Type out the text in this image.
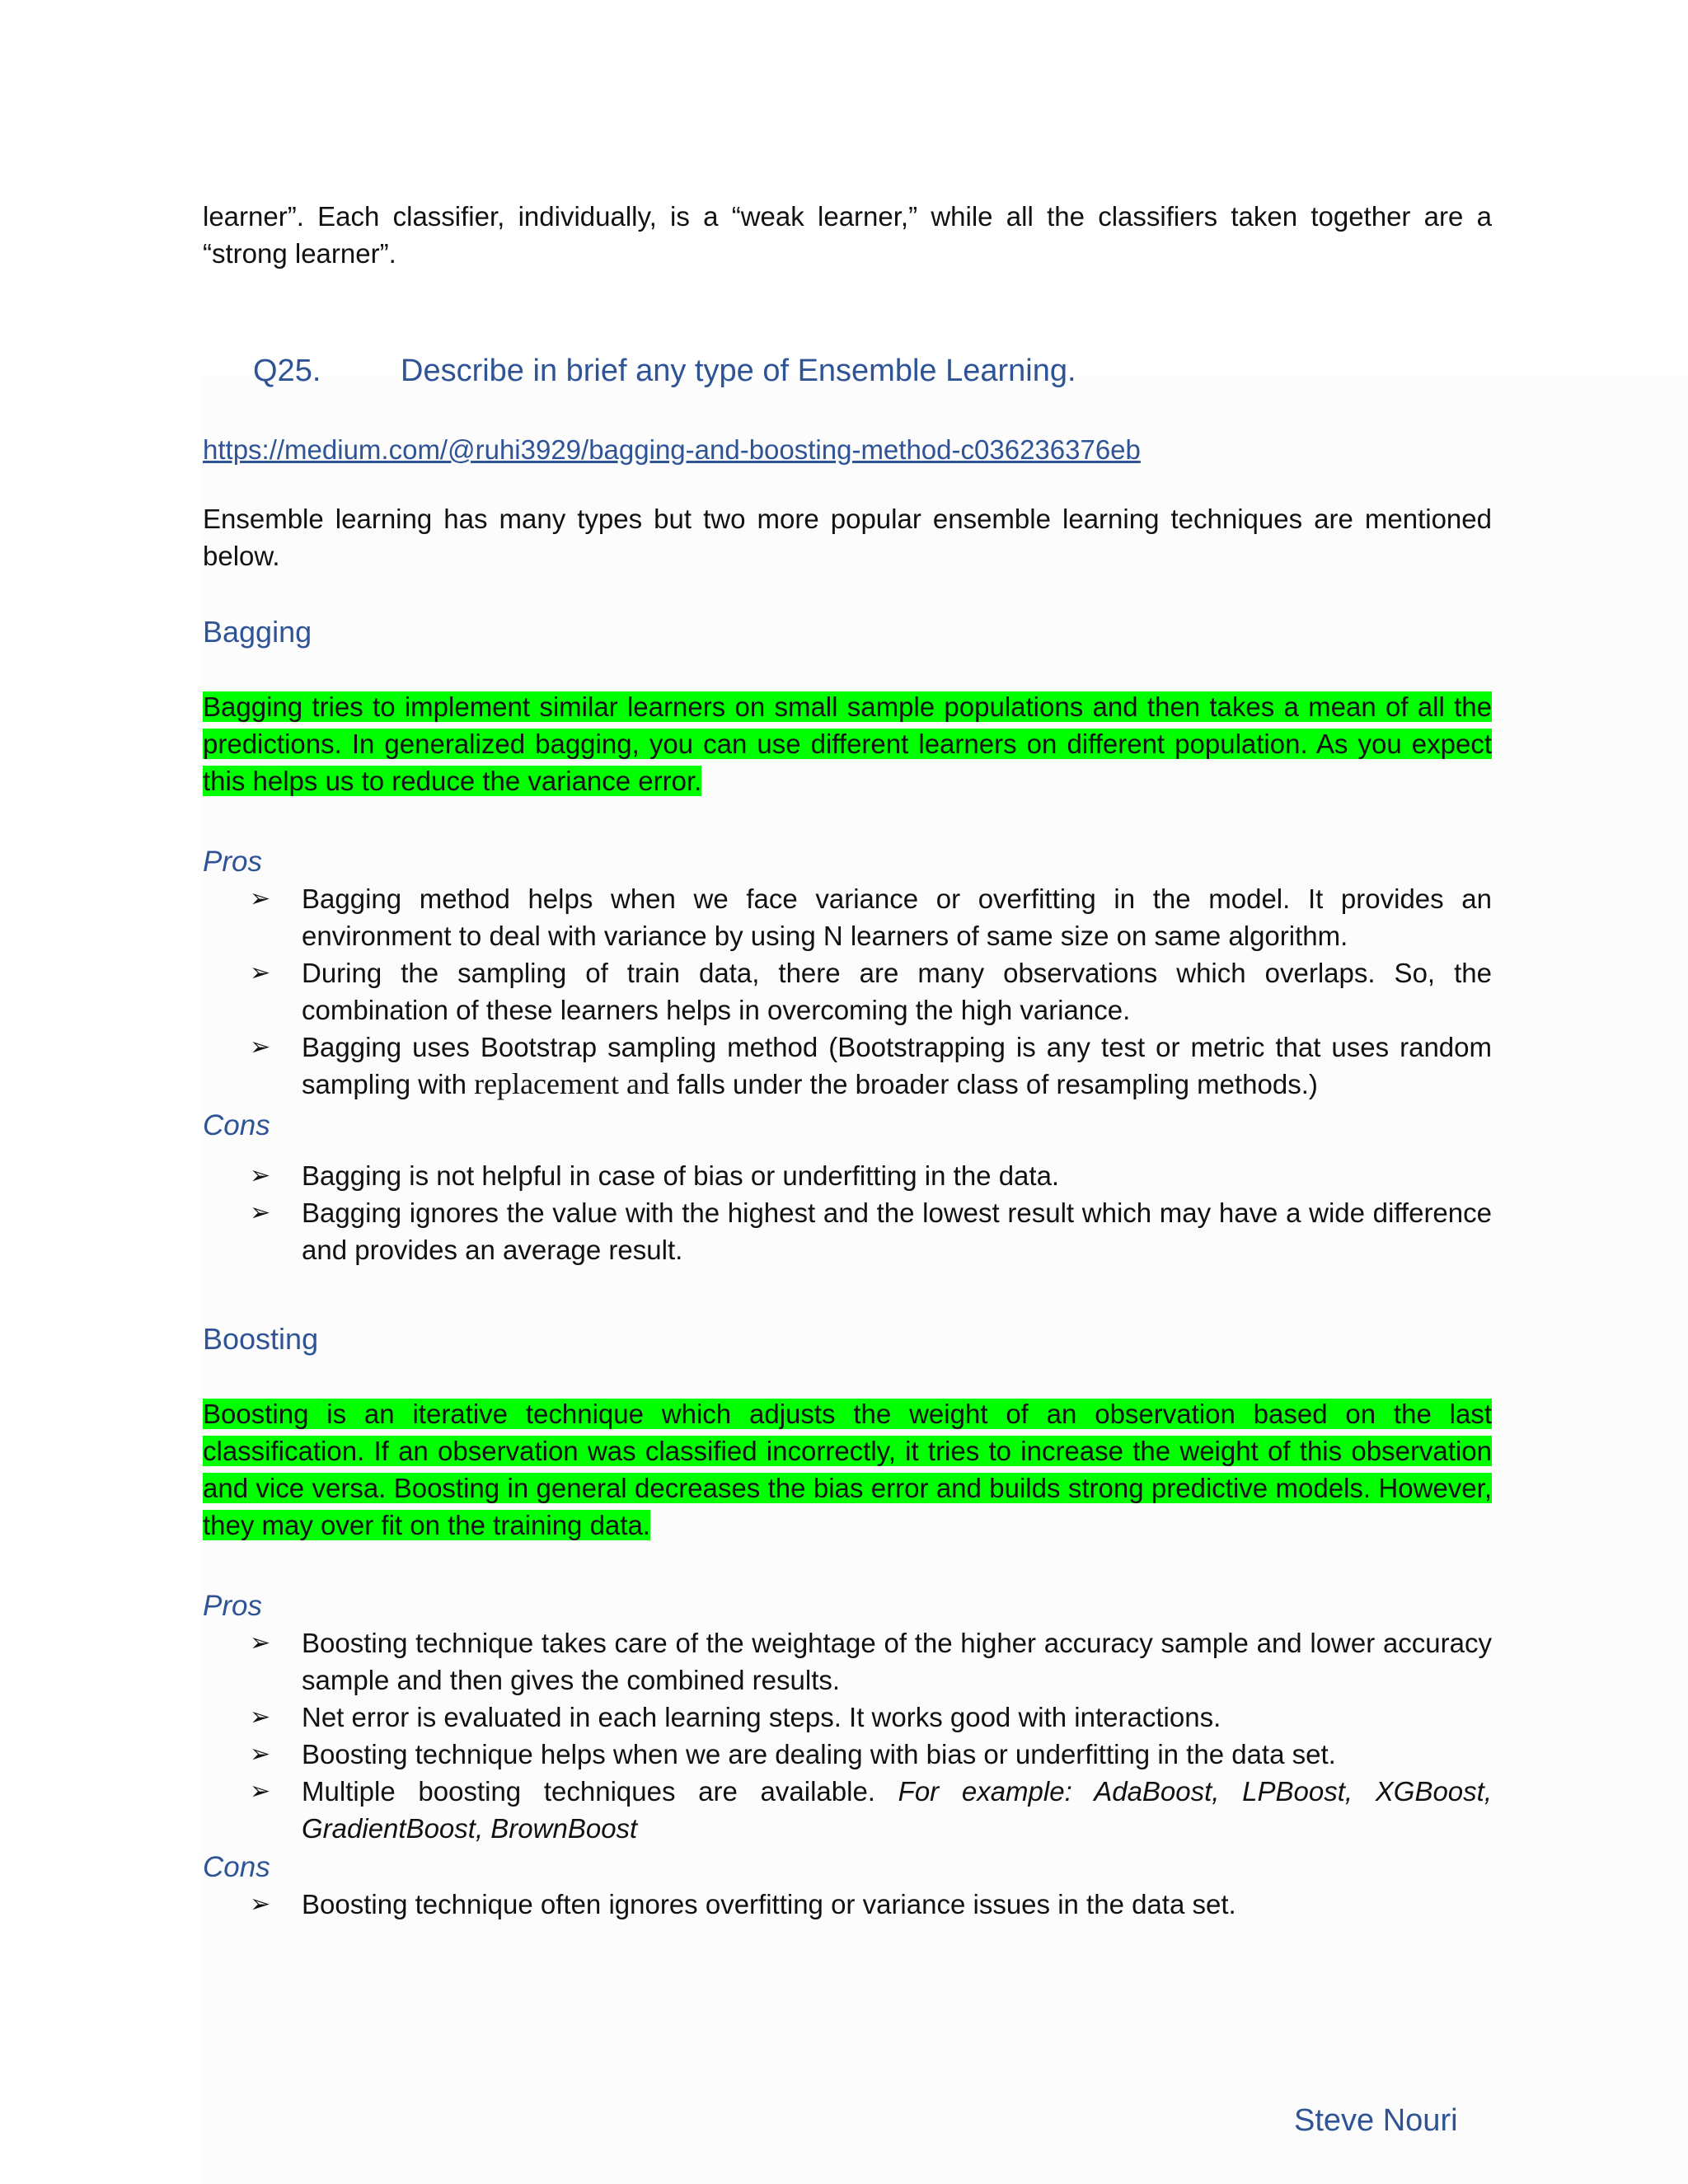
learner”. Each classifier, individually, is a “weak learner,” while all the classifiers taken together are a “strong learner”.

Q25.	Describe in brief any type of Ensemble Learning.
https://medium.com/@ruhi3929/bagging-and-boosting-method-c036236376eb

Ensemble learning has many types but two more popular ensemble learning techniques are mentioned below.

Bagging

Bagging tries to implement similar learners on small sample populations and then takes a mean of all the predictions. In generalized bagging, you can use different learners on different population. As you expect this helps us to reduce the variance error.

Pros
➢ Bagging method helps when we face variance or overfitting in the model. It provides an environment to deal with variance by using N learners of same size on same algorithm.
➢ During the sampling of train data, there are many observations which overlaps. So, the combination of these learners helps in overcoming the high variance.
➢ Bagging uses Bootstrap sampling method (Bootstrapping is any test or metric that uses random sampling with replacement and falls under the broader class of resampling methods.)
Cons
➢ Bagging is not helpful in case of bias or underfitting in the data.
➢ Bagging ignores the value with the highest and the lowest result which may have a wide difference and provides an average result.
Boosting

Boosting is an iterative technique which adjusts the weight of an observation based on the last classification. If an observation was classified incorrectly, it tries to increase the weight of this observation and vice versa. Boosting in general decreases the bias error and builds strong predictive models. However, they may over fit on the training data.

Pros
➢ Boosting technique takes care of the weightage of the higher accuracy sample and lower accuracy sample and then gives the combined results.
➢ Net error is evaluated in each learning steps. It works good with interactions.
➢ Boosting technique helps when we are dealing with bias or underfitting in the data set.
➢ Multiple boosting techniques are available. For example: AdaBoost, LPBoost, XGBoost, GradientBoost, BrownBoost
Cons
➢ Boosting technique often ignores overfitting or variance issues in the data set.
Steve Nouri
